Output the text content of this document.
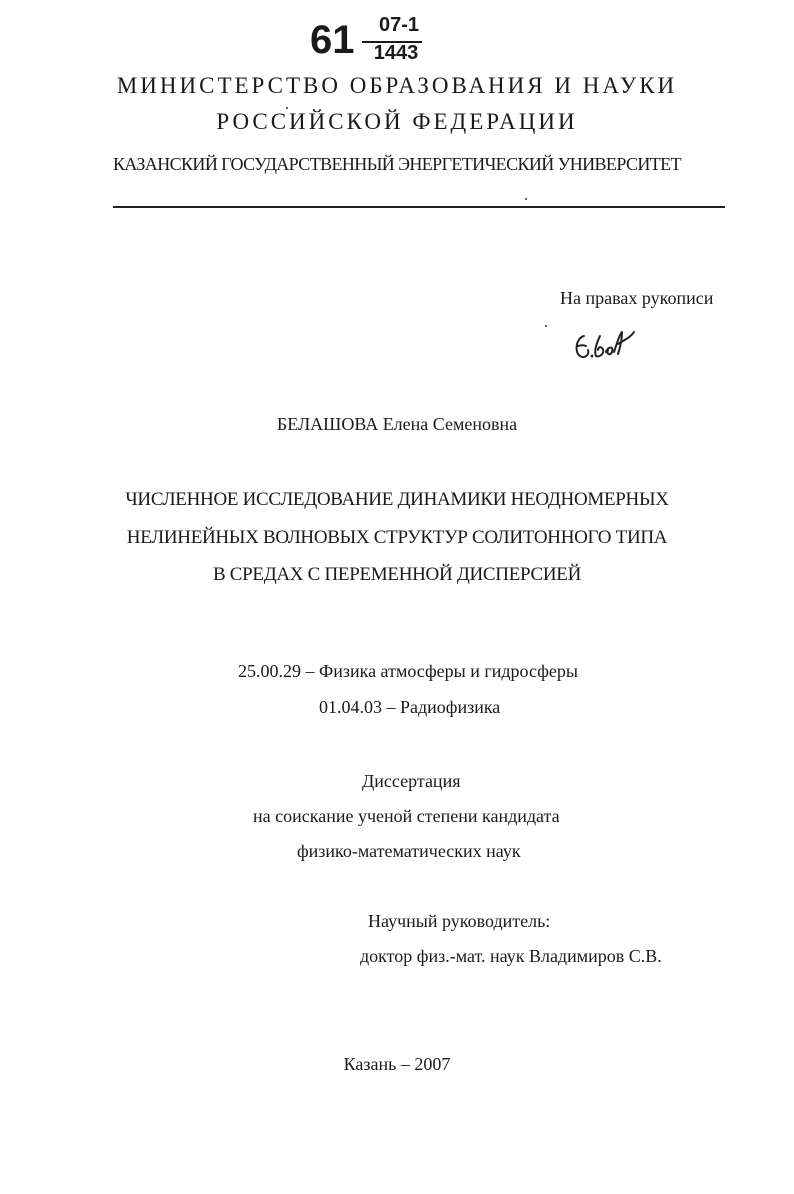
61 07-1
1443
МИНИСТЕРСТВО ОБРАЗОВАНИЯ И НАУКИ
РОССИЙСКОЙ ФЕДЕРАЦИИ
КАЗАНСКИЙ ГОСУДАРСТВЕННЫЙ ЭНЕРГЕТИЧЕСКИЙ УНИВЕРСИТЕТ
На правах рукописи
БЕЛАШОВА Елена Семеновна
ЧИСЛЕННОЕ ИССЛЕДОВАНИЕ ДИНАМИКИ НЕОДНОМЕРНЫХ
НЕЛИНЕЙНЫХ ВОЛНОВЫХ СТРУКТУР СОЛИТОННОГО ТИПА
В СРЕДАХ С ПЕРЕМЕННОЙ ДИСПЕРСИЕЙ
25.00.29 – Физика атмосферы и гидросферы
01.04.03 – Радиофизика
Диссертация
на соискание ученой степени кандидата
физико-математических наук
Научный руководитель:
доктор физ.-мат. наук Владимиров С.В.
Казань – 2007
